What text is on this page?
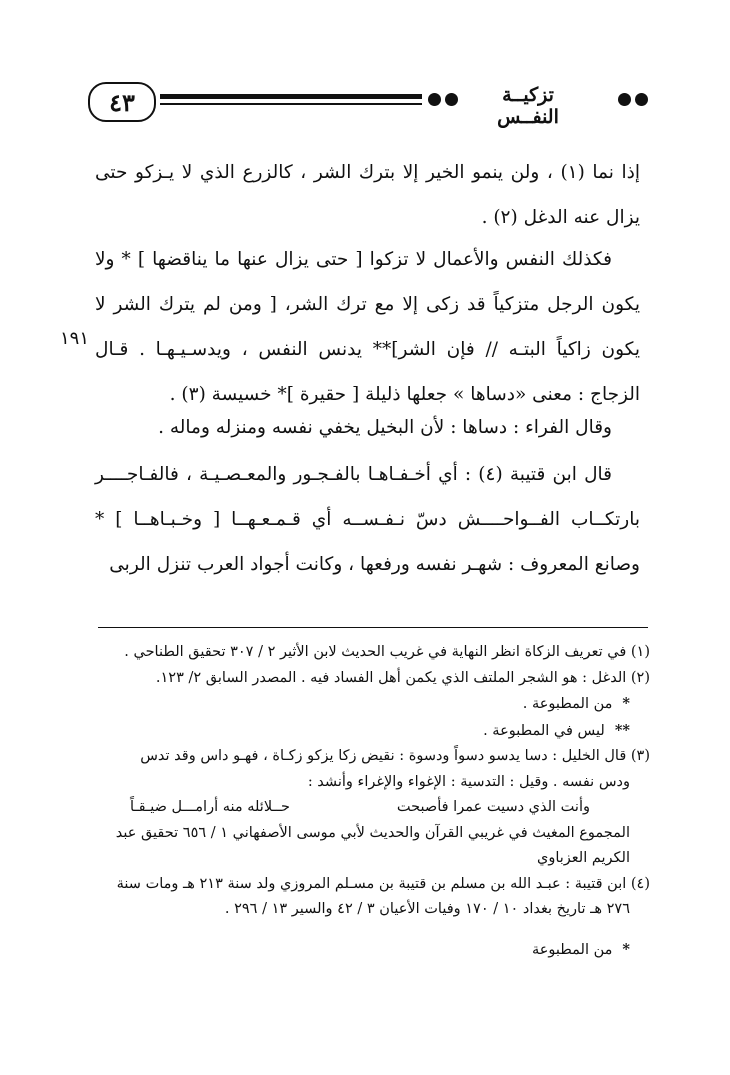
٤٣	تزكيــة النفــس

إذا نما (١) ، ولن ينمو الخير إلا بترك الشر ، كالزرع الذي لا يـزكو حتى يزال عنه الدغل (٢) .

فكذلك النفس والأعمال لا تزكوا [ حتى يزال عنها ما يناقضها ] * ولا يكون الرجل متزكياً قد زكى إلا مع ترك الشر، [ ومن لم يترك الشر لا يكون زاكياً البتـه // فإن الشر]** يدنس النفس ، ويدسـيـهـا . قـال الزجاج : معنى «دساها » جعلها ذليلة [ حقيرة ]* خسيسة (٣) .

١٩١

وقال الفراء : دساها : لأن البخيل يخفي نفسه ومنزله وماله .

قال ابن قتيبة (٤) : أي أخـفـاهـا بالفـجـور والمعـصـيـة ، فالفـاجــــر بارتكــاب الفــواحــــش دسّ نـفـســه أي قـمـعـهــا [ وخـبـاهــا ] * وصانع المعروف : شهـر نفسه ورفعها ، وكانت أجواد العرب تنزل الربى

(١) في تعريف الزكاة انظر النهاية في غريب الحديث لابن الأثير ٢ / ٣٠٧ تحقيق الطناحي .
(٢) الدغل : هو الشجر الملتف الذي يكمن أهل الفساد فيه . المصدر السابق ٢/ ١٢٣.
*من المطبوعة .
**ليس في المطبوعة .
(٣) قال الخليل : دسا يدسو دسواً ودسوة : نقيض زكا يزكو زكـاة ، فهـو داس وقد تدس
ودس نفسه . وقيل : التدسية : الإغواء والإغراء وأنشد :
وأنت الذي دسيت عمرا فأصبحت
حــلائله منه أرامـــل ضيـقـاً
المجموع المغيث في غريبي القرآن والحديث لأبي موسى الأصفهاني ١ / ٦٥٦ تحقيق عبد
الكريم العزباوي
(٤) ابن قتيبة : عبـد الله بن مسلم بن قتيبة بن مسـلم المروزي ولد سنة ٢١٣ هـ ومات سنة
٢٧٦ هـ تاريخ بغداد ١٠ / ١٧٠ وفيات الأعيان ٣ / ٤٢ والسير ١٣ / ٢٩٦ .
*من المطبوعة
